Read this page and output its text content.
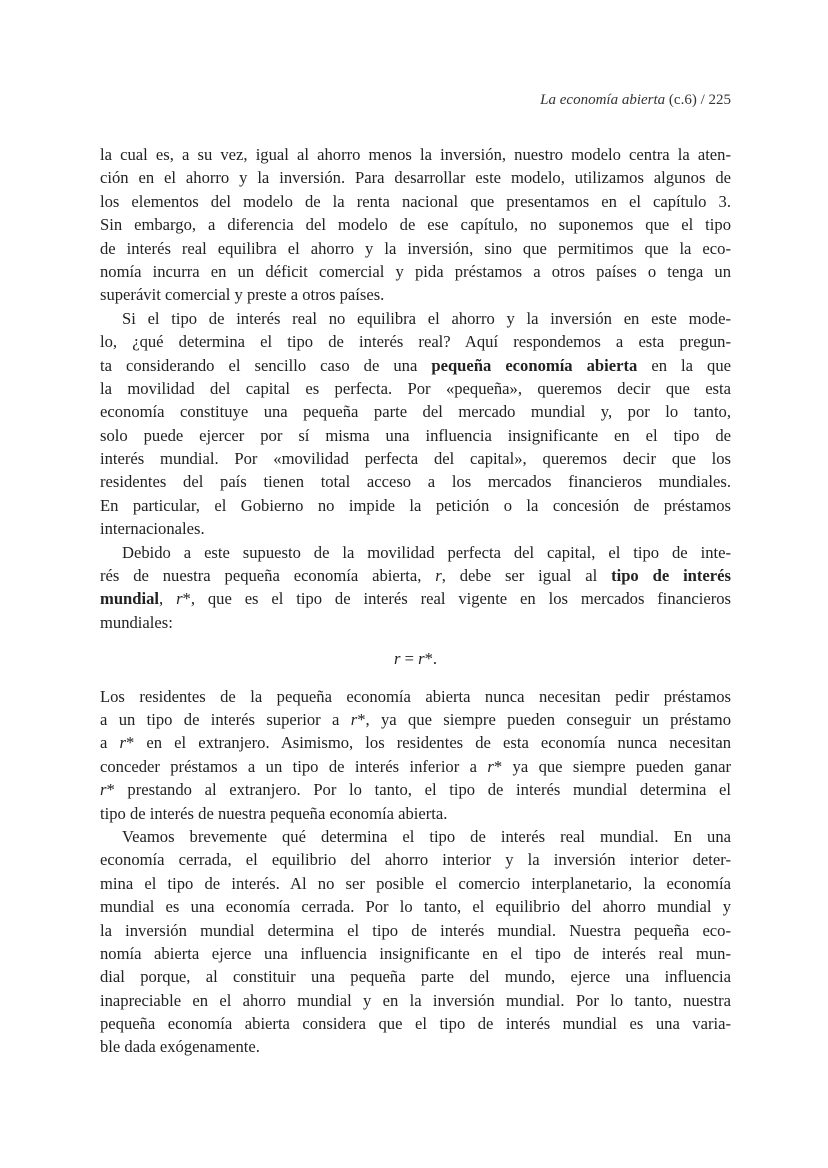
La economía abierta (c.6) / 225
la cual es, a su vez, igual al ahorro menos la inversión, nuestro modelo centra la aten-
ción en el ahorro y la inversión. Para desarrollar este modelo, utilizamos algunos de
los elementos del modelo de la renta nacional que presentamos en el capítulo 3.
Sin embargo, a diferencia del modelo de ese capítulo, no suponemos que el tipo
de interés real equilibra el ahorro y la inversión, sino que permitimos que la eco-
nomía incurra en un déficit comercial y pida préstamos a otros países o tenga un
superávit comercial y preste a otros países.
Si el tipo de interés real no equilibra el ahorro y la inversión en este mode-
lo, ¿qué determina el tipo de interés real? Aquí respondemos a esta pregun-
ta considerando el sencillo caso de una pequeña economía abierta en la que
la movilidad del capital es perfecta. Por «pequeña», queremos decir que esta
economía constituye una pequeña parte del mercado mundial y, por lo tanto,
solo puede ejercer por sí misma una influencia insignificante en el tipo de
interés mundial. Por «movilidad perfecta del capital», queremos decir que los
residentes del país tienen total acceso a los mercados financieros mundiales.
En particular, el Gobierno no impide la petición o la concesión de préstamos
internacionales.
Debido a este supuesto de la movilidad perfecta del capital, el tipo de inte-
rés de nuestra pequeña economía abierta, r, debe ser igual al tipo de interés
mundial, r*, que es el tipo de interés real vigente en los mercados financieros
mundiales:
r = r*.
Los residentes de la pequeña economía abierta nunca necesitan pedir préstamos
a un tipo de interés superior a r*, ya que siempre pueden conseguir un préstamo
a r* en el extranjero. Asimismo, los residentes de esta economía nunca necesitan
conceder préstamos a un tipo de interés inferior a r* ya que siempre pueden ganar
r* prestando al extranjero. Por lo tanto, el tipo de interés mundial determina el
tipo de interés de nuestra pequeña economía abierta.
Veamos brevemente qué determina el tipo de interés real mundial. En una
economía cerrada, el equilibrio del ahorro interior y la inversión interior deter-
mina el tipo de interés. Al no ser posible el comercio interplanetario, la economía
mundial es una economía cerrada. Por lo tanto, el equilibrio del ahorro mundial y
la inversión mundial determina el tipo de interés mundial. Nuestra pequeña eco-
nomía abierta ejerce una influencia insignificante en el tipo de interés real mun-
dial porque, al constituir una pequeña parte del mundo, ejerce una influencia
inapreciable en el ahorro mundial y en la inversión mundial. Por lo tanto, nuestra
pequeña economía abierta considera que el tipo de interés mundial es una varia-
ble dada exógenamente.
